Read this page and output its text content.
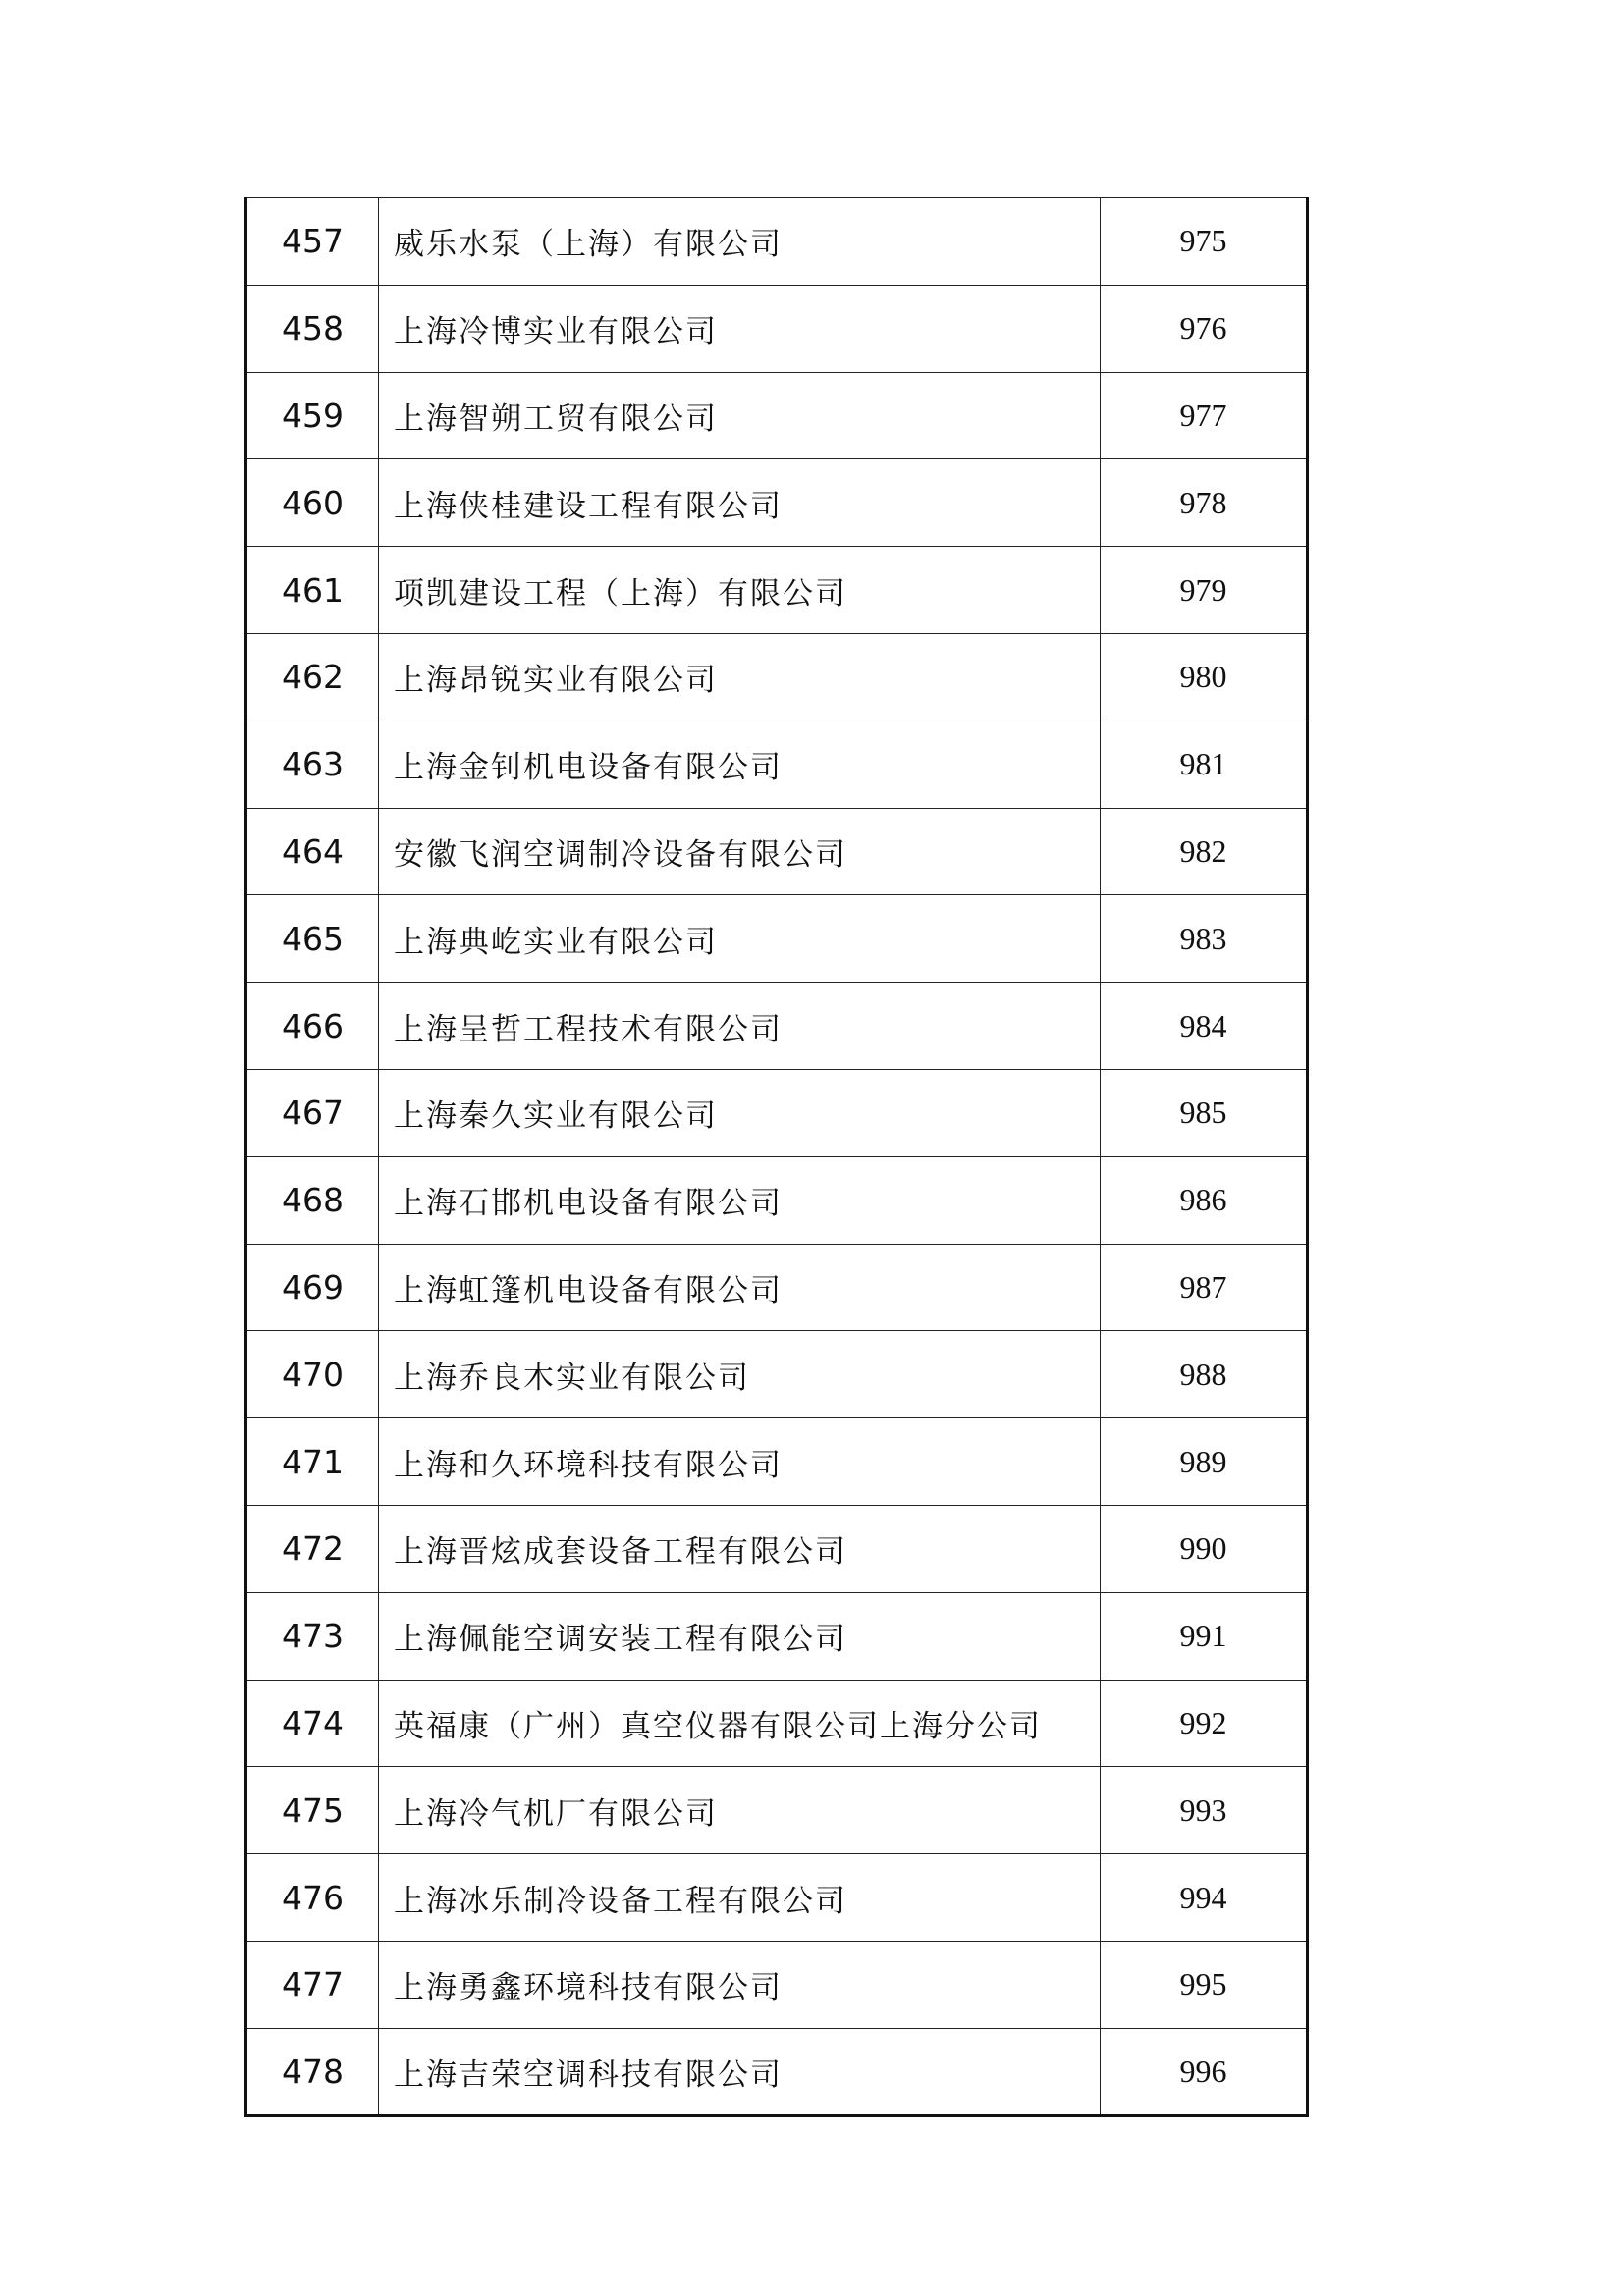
457	威乐水泵（上海）有限公司	975
458	上海冷博实业有限公司	976
459	上海智朔工贸有限公司	977
460	上海侠桂建设工程有限公司	978
461	项凯建设工程（上海）有限公司	979
462	上海昂锐实业有限公司	980
463	上海金钊机电设备有限公司	981
464	安徽飞润空调制冷设备有限公司	982
465	上海典屹实业有限公司	983
466	上海呈哲工程技术有限公司	984
467	上海秦久实业有限公司	985
468	上海石邯机电设备有限公司	986
469	上海虹篷机电设备有限公司	987
470	上海乔良木实业有限公司	988
471	上海和久环境科技有限公司	989
472	上海晋炫成套设备工程有限公司	990
473	上海佩能空调安装工程有限公司	991
474	英福康（广州）真空仪器有限公司上海分公司	992
475	上海冷气机厂有限公司	993
476	上海冰乐制冷设备工程有限公司	994
477	上海勇鑫环境科技有限公司	995
478	上海吉荣空调科技有限公司	996
